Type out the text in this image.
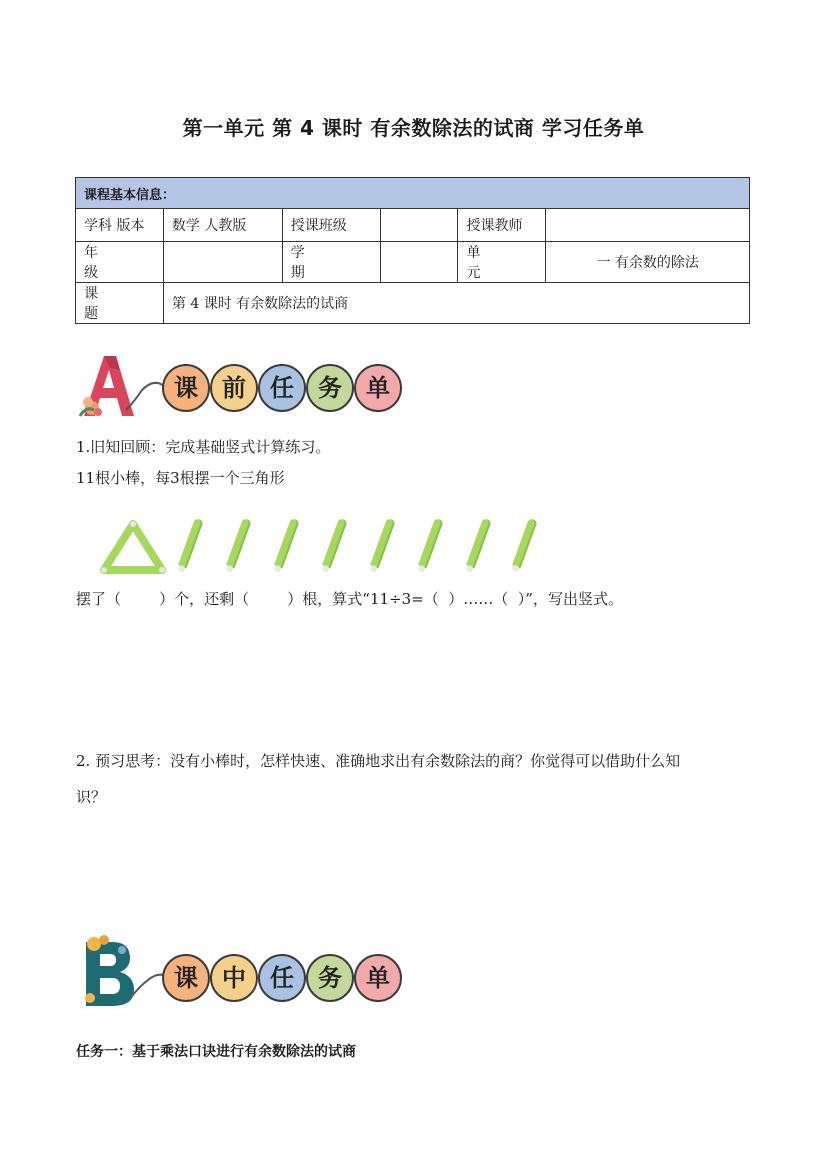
第一单元 第 4 课时 有余数除法的试商 学习任务单
课程基本信息：					
学科 版本	数学 人教版	授课班级		授课教师	
年 级		学 期		单 元	一 有余数的除法
课 题	第 4 课时 有余数除法的试商				
课	前	任	务	单
1.旧知回顾：完成基础竖式计算练习。
11根小棒，每3根摆一个三角形
摆了（        ）个，还剩（        ）根，算式“11÷3=（  ）……（  ）”，写出竖式。
2. 预习思考：没有小棒时，怎样快速、准确地求出有余数除法的商？你觉得可以借助什么知
识？
课	中	任	务	单
任务一：基于乘法口诀进行有余数除法的试商
